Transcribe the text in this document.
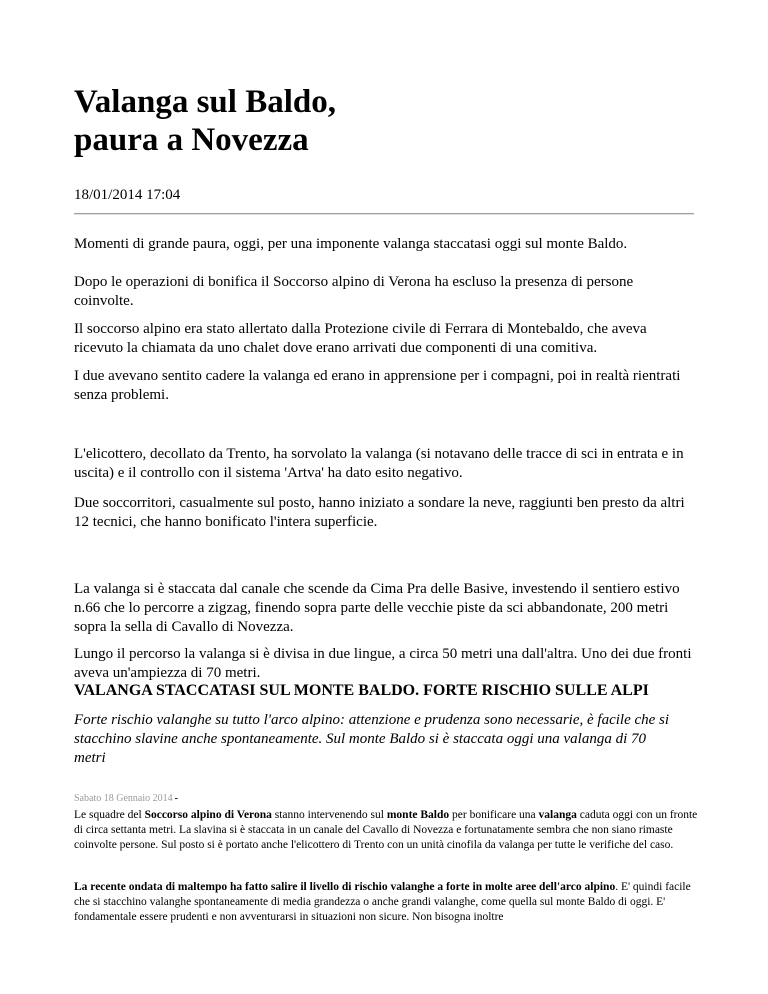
Valanga sul Baldo,
paura a Novezza
18/01/2014 17:04

Momenti di grande paura, oggi, per una imponente valanga staccatasi oggi sul monte Baldo.

Dopo le operazioni di bonifica il Soccorso alpino di Verona ha escluso la presenza di persone coinvolte.

Il soccorso alpino era stato allertato dalla Protezione civile di Ferrara di Montebaldo, che aveva ricevuto la chiamata da uno chalet dove erano arrivati due componenti di una comitiva.

I due avevano sentito cadere la valanga ed erano in apprensione per i compagni, poi in realtà rientrati senza problemi.

L'elicottero, decollato da Trento, ha sorvolato la valanga (si notavano delle tracce di sci in entrata e in uscita) e il controllo con il sistema 'Artva' ha dato esito negativo.

Due soccorritori, casualmente sul posto, hanno iniziato a sondare la neve, raggiunti ben presto da altri 12 tecnici, che hanno bonificato l'intera superficie.

La valanga si è staccata dal canale che scende da Cima Pra delle Basive, investendo il sentiero estivo n.66 che lo percorre a zigzag, finendo sopra parte delle vecchie piste da sci abbandonate, 200 metri sopra la sella di Cavallo di Novezza.

Lungo il percorso la valanga si è divisa in due lingue, a circa 50 metri una dall'altra. Uno dei due fronti aveva un'ampiezza di 70 metri.

VALANGA STACCATASI SUL MONTE BALDO. FORTE RISCHIO SULLE ALPI

Forte rischio valanghe su tutto l'arco alpino: attenzione e prudenza sono necessarie, è facile che si stacchino slavine anche spontaneamente. Sul monte Baldo si è staccata oggi una valanga di 70 metri

Sabato 18 Gennaio 2014 -

Le squadre del Soccorso alpino di Verona stanno intervenendo sul monte Baldo per bonificare una valanga caduta oggi con un fronte di circa settanta metri. La slavina si è staccata in un canale del Cavallo di Novezza e fortunatamente sembra che non siano rimaste coinvolte persone. Sul posto si è portato anche l'elicottero di Trento con un unità cinofila da valanga per tutte le verifiche del caso.

La recente ondata di maltempo ha fatto salire il livello di rischio valanghe a forte in molte aree dell'arco alpino. E' quindi facile che si stacchino valanghe spontaneamente di media grandezza o anche grandi valanghe, come quella sul monte Baldo di oggi. E' fondamentale essere prudenti e non avventurarsi in situazioni non sicure. Non bisogna inoltre
